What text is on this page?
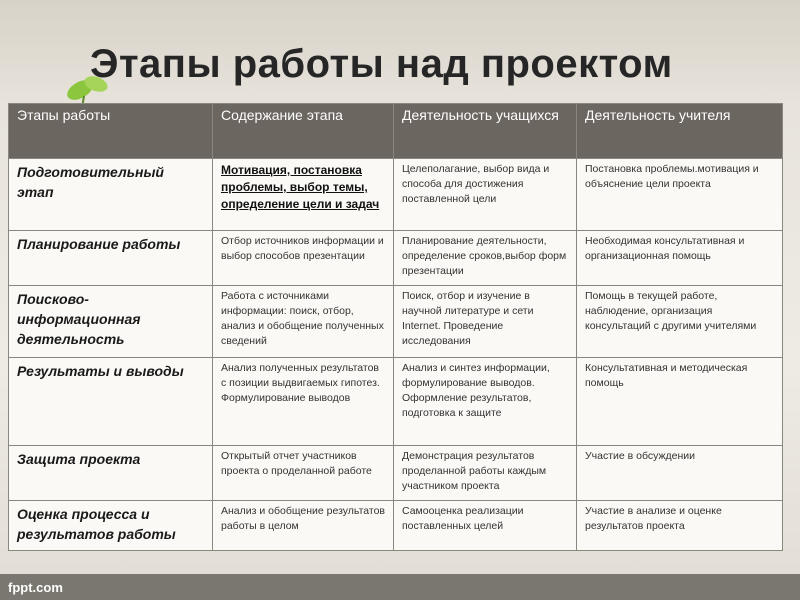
Этапы работы над проектом
Этапы работы	Содержание этапа	Деятельность учащихся	Деятельность учителя
Подготовительный этап	Мотивация, постановка проблемы, выбор темы, определение цели и задач	Целеполагание, выбор вида и способа для достижения поставленной цели	Постановка проблемы.мотивация и объяснение цели проекта
Планирование работы	Отбор источников информации и выбор способов презентации	Планирование деятельности, определение сроков,выбор форм презентации	Необходимая консультативная и организационная помощь
Поисково-информационная деятельность	Работа с источниками информации: поиск, отбор, анализ и обобщение полученных сведений	Поиск, отбор и изучение в научной литературе и сети Internet. Проведение исследования	Помощь в текущей работе, наблюдение, организация консультаций с другими учителями
Результаты и выводы	Анализ полученных результатов с позиции выдвигаемых гипотез. Формулирование выводов	Анализ и синтез информации, формулирование выводов. Оформление результатов, подготовка к защите	Консультативная и методическая помощь
Защита проекта	Открытый отчет участников проекта о проделанной работе	Демонстрация результатов проделанной работы каждым участником проекта	Участие в обсуждении
Оценка процесса и результатов работы	Анализ и обобщение результатов работы в целом	Самооценка реализации поставленных целей	Участие в анализе и оценке результатов проекта
fppt.com
